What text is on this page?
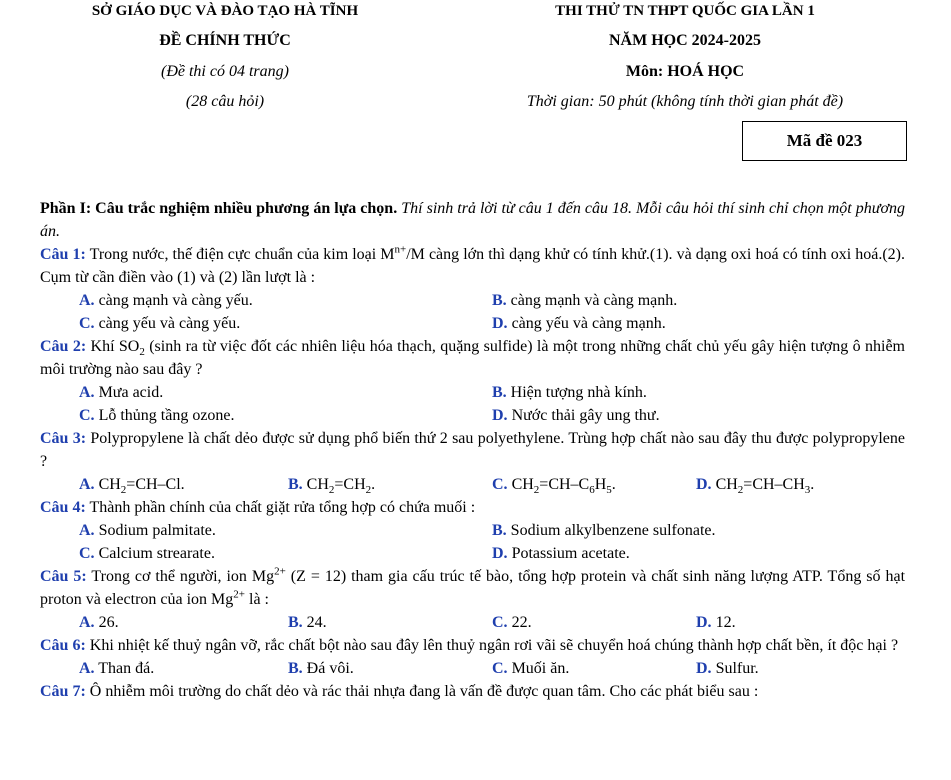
SỞ GIÁO DỤC VÀ ĐÀO TẠO HÀ TĨNH
ĐỀ CHÍNH THỨC
(Đề thi có 04 trang)
(28 câu hỏi)
THI THỬ TN THPT QUỐC GIA LẦN 1
NĂM HỌC 2024-2025
Môn: HOÁ HỌC
Thời gian: 50 phút (không tính thời gian phát đề)
Mã đề 023

Phần I: Câu trắc nghiệm nhiều phương án lựa chọn. Thí sinh trả lời từ câu 1 đến câu 18. Mỗi câu hỏi thí sinh chỉ chọn một phương án.

Câu 1: Trong nước, thế điện cực chuẩn của kim loại $M^{n+}/M$ càng lớn thì dạng khử có tính khử.(1). và dạng oxi hoá có tính oxi hoá.(2). Cụm từ cần điền vào (1) và (2) lần lượt là :

A. càng mạnh và càng yếu.	B. càng mạnh và càng mạnh.
C. càng yếu và càng yếu.	D. càng yếu và càng mạnh.

Câu 2: Khí $SO_2$ (sinh ra từ việc đốt các nhiên liệu hóa thạch, quặng sulfide) là một trong những chất chủ yếu gây hiện tượng ô nhiễm môi trường nào sau đây ?

A. Mưa acid.	B. Hiện tượng nhà kính.
C. Lỗ thủng tầng ozone.	D. Nước thải gây ung thư.

Câu 3: Polypropylene là chất dẻo được sử dụng phổ biến thứ 2 sau polyethylene. Trùng hợp chất nào sau đây thu được polypropylene ?

A. $CH_2=CH-Cl$.	B. $CH_2=CH_2$.	C. $CH_2=CH-C_6H_5$.	D. $CH_2=CH-CH_3$.

Câu 4: Thành phần chính của chất giặt rửa tổng hợp có chứa muối :

A. Sodium palmitate.	B. Sodium alkylbenzene sulfonate.
C. Calcium strearate.	D. Potassium acetate.

Câu 5: Trong cơ thể người, ion $Mg^{2+}$ (Z = 12) tham gia cấu trúc tế bào, tổng hợp protein và chất sinh năng lượng ATP. Tổng số hạt proton và electron của ion $Mg^{2+}$ là :

A. 26.	B. 24.	C. 22.	D. 12.

Câu 6: Khi nhiệt kế thuỷ ngân vỡ, rắc chất bột nào sau đây lên thuỷ ngân rơi vãi sẽ chuyển hoá chúng thành hợp chất bền, ít độc hại ?

A. Than đá.	B. Đá vôi.	C. Muối ăn.	D. Sulfur.

Câu 7: Ô nhiễm môi trường do chất dẻo và rác thải nhựa đang là vấn đề được quan tâm. Cho các phát biểu sau :
